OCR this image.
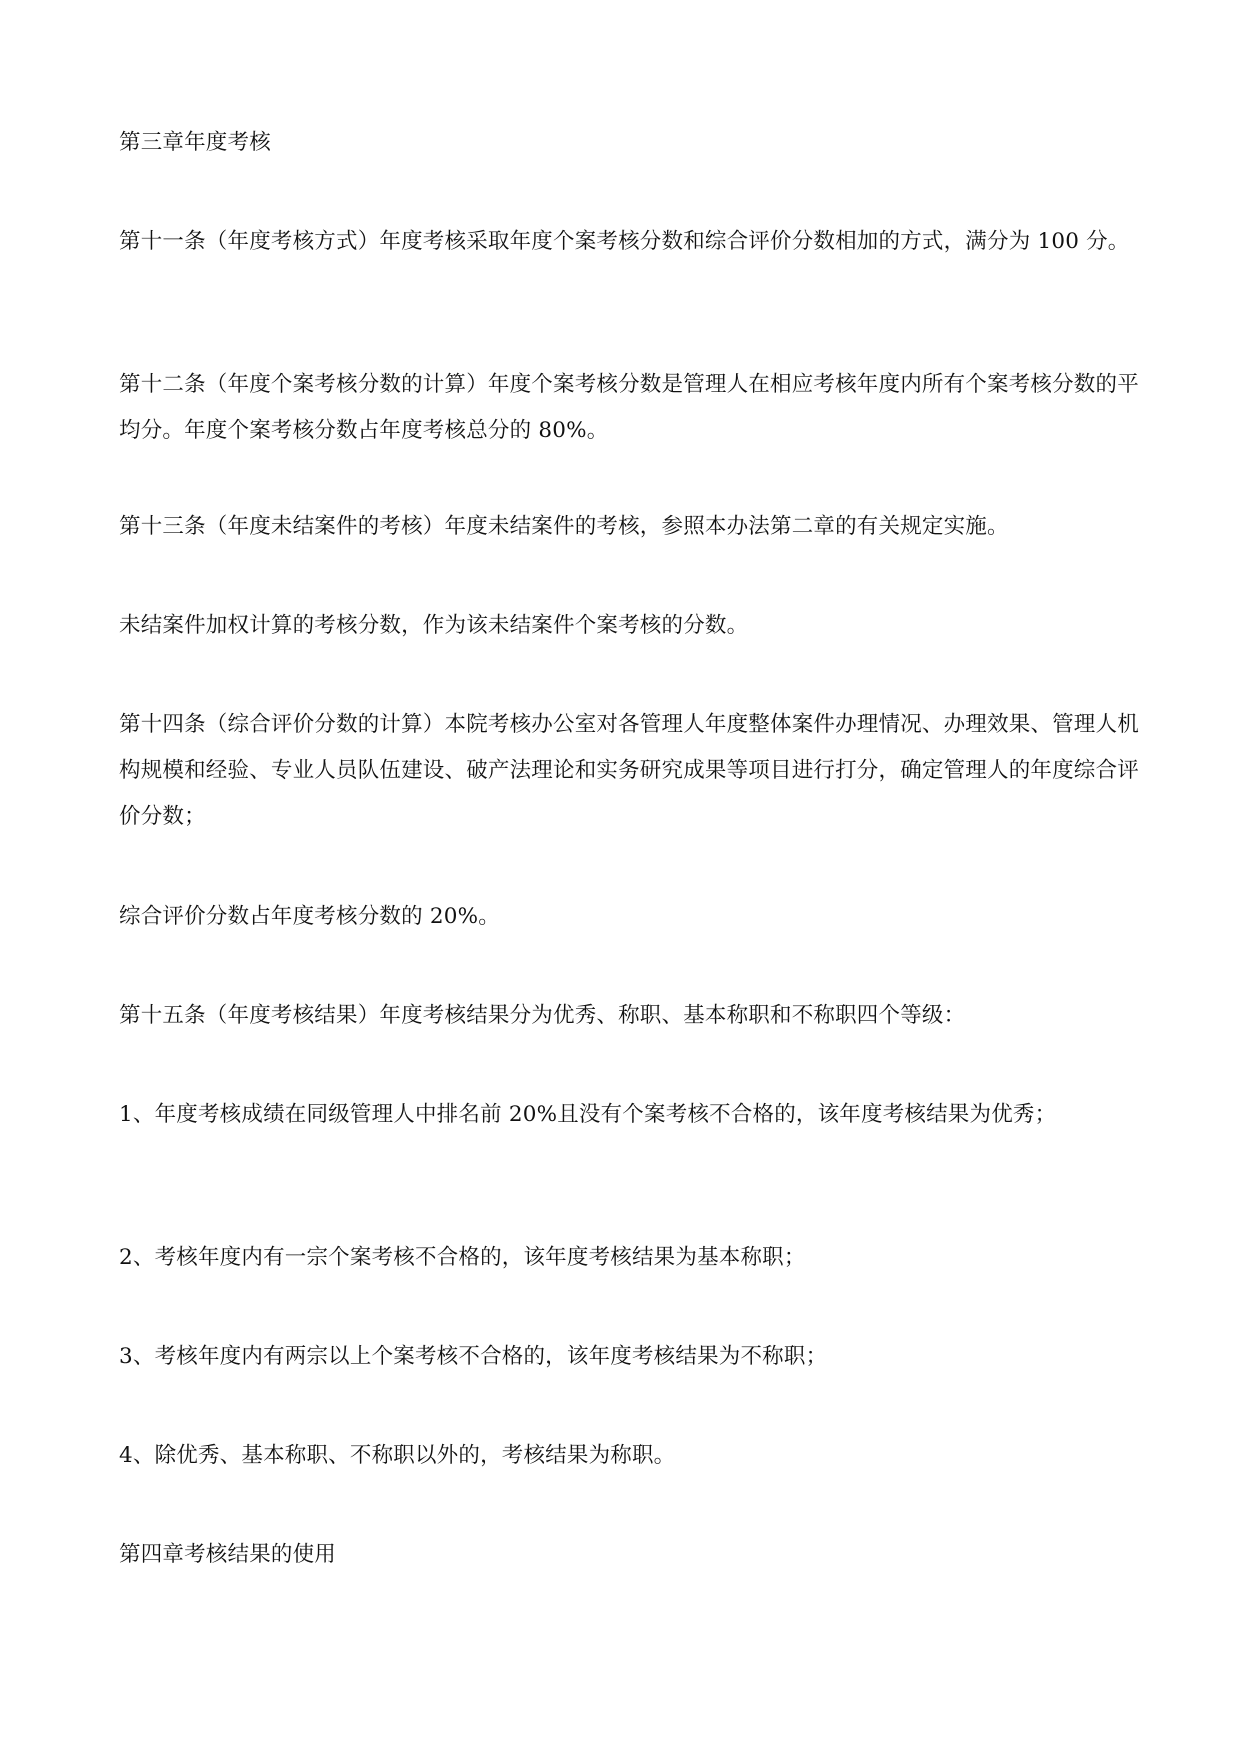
第三章年度考核

第十一条（年度考核方式）年度考核采取年度个案考核分数和综合评价分数相加的方式，满分为 100 分。

第十二条（年度个案考核分数的计算）年度个案考核分数是管理人在相应考核年度内所有个案考核分数的平均分。年度个案考核分数占年度考核总分的 80%。

第十三条（年度未结案件的考核）年度未结案件的考核，参照本办法第二章的有关规定实施。

未结案件加权计算的考核分数，作为该未结案件个案考核的分数。

第十四条（综合评价分数的计算）本院考核办公室对各管理人年度整体案件办理情况、办理效果、管理人机构规模和经验、专业人员队伍建设、破产法理论和实务研究成果等项目进行打分，确定管理人的年度综合评价分数；

综合评价分数占年度考核分数的 20%。

第十五条（年度考核结果）年度考核结果分为优秀、称职、基本称职和不称职四个等级：

1、年度考核成绩在同级管理人中排名前 20%且没有个案考核不合格的，该年度考核结果为优秀；

2、考核年度内有一宗个案考核不合格的，该年度考核结果为基本称职；

3、考核年度内有两宗以上个案考核不合格的，该年度考核结果为不称职；

4、除优秀、基本称职、不称职以外的，考核结果为称职。

第四章考核结果的使用
